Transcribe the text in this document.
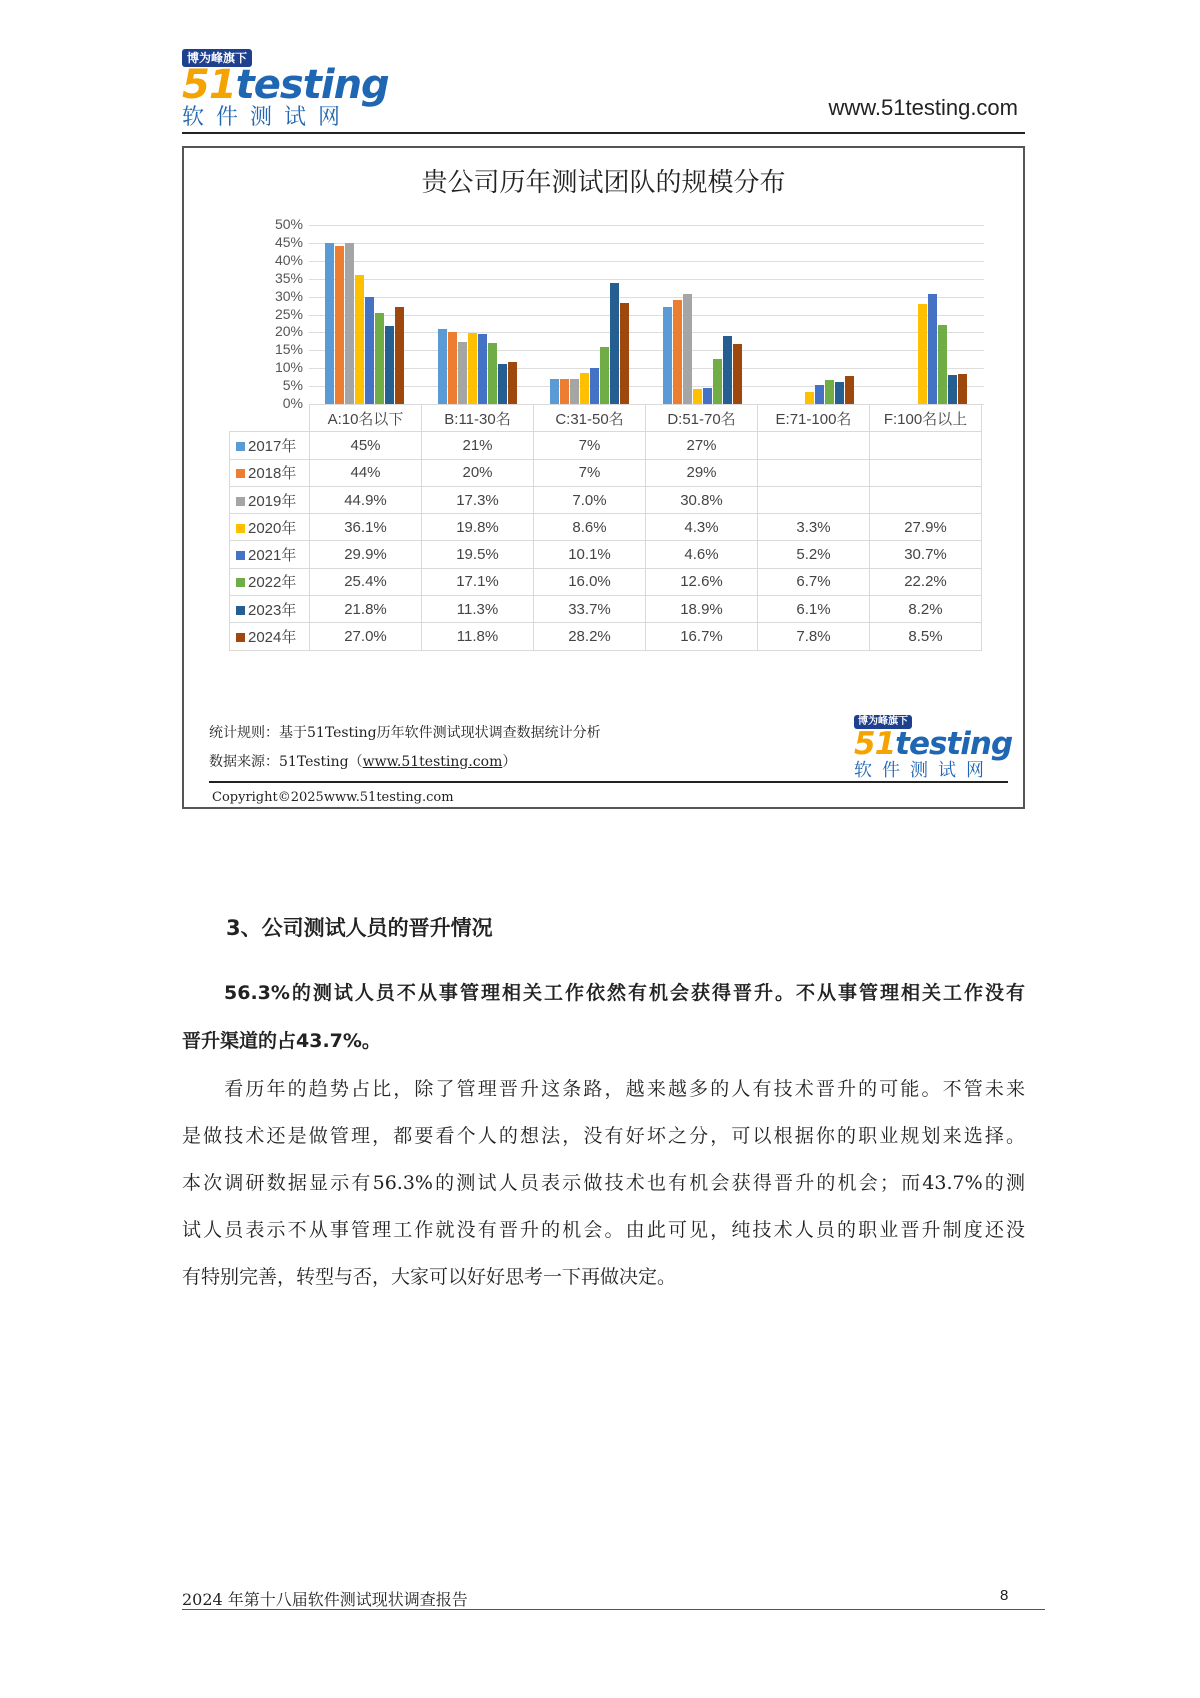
博为峰旗下
51testing
软件测试网	www.51testing.com
贵公司历年测试团队的规模分布
0%
5%
10%
15%
20%
25%
30%
35%
40%
45%
50%
	A:10名以下	B:11-30名	C:31-50名	D:51-70名	E:71-100名	F:100名以上
2017年	45%	21%	7%	27%		
2018年	44%	20%	7%	29%		
2019年	44.9%	17.3%	7.0%	30.8%		
2020年	36.1%	19.8%	8.6%	4.3%	3.3%	27.9%
2021年	29.9%	19.5%	10.1%	4.6%	5.2%	30.7%
2022年	25.4%	17.1%	16.0%	12.6%	6.7%	22.2%
2023年	21.8%	11.3%	33.7%	18.9%	6.1%	8.2%
2024年	27.0%	11.8%	28.2%	16.7%	7.8%	8.5%
统计规则：基于51Testing历年软件测试现状调查数据统计分析
数据来源：51Testing（www.51testing.com）
博为峰旗下
51testing
软件测试网
Copyright©2025www.51testing.com
3、公司测试人员的晋升情况
　　56.3%的测试人员不从事管理相关工作依然有机会获得晋升。不从事管理相关工作没有
晋升渠道的占43.7%。
　　看历年的趋势占比，除了管理晋升这条路，越来越多的人有技术晋升的可能。不管未来
是做技术还是做管理，都要看个人的想法，没有好坏之分，可以根据你的职业规划来选择。
本次调研数据显示有56.3%的测试人员表示做技术也有机会获得晋升的机会；而43.7%的测
试人员表示不从事管理工作就没有晋升的机会。由此可见，纯技术人员的职业晋升制度还没
有特别完善，转型与否，大家可以好好思考一下再做决定。
2024 年第十八届软件测试现状调查报告	8
